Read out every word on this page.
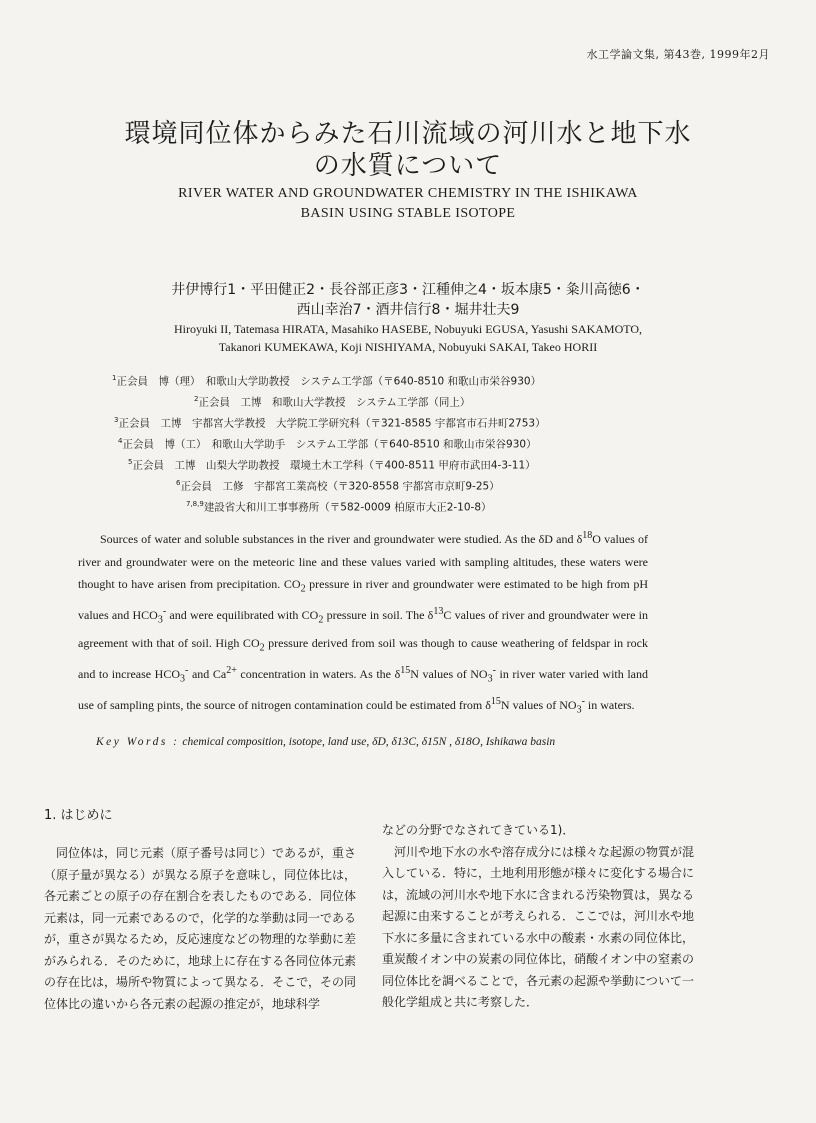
水工学論文集, 第43巻, 1999年2月
環境同位体からみた石川流域の河川水と地下水
の水質について
RIVER WATER AND GROUNDWATER CHEMISTRY IN THE ISHIKAWA
BASIN USING STABLE ISOTOPE
井伊博行1・平田健正2・長谷部正彦3・江種伸之4・坂本康5・粂川高徳6・
西山幸治7・酒井信行8・堀井壮夫9
Hiroyuki II, Tatemasa HIRATA, Masahiko HASEBE, Nobuyuki EGUSA, Yasushi SAKAMOTO,
Takanori KUMEKAWA, Koji NISHIYAMA, Nobuyuki SAKAI, Takeo HORII
$^1$正会員　博（理）　和歌山大学助教授　システム工学部（〒640-8510 和歌山市栄谷930）
$^2$正会員　工博　和歌山大学教授　システム工学部（同上）
$^3$正会員　工博　宇都宮大学教授　大学院工学研究科（〒321-8585 宇都宮市石井町2753）
$^4$正会員　博（工）　和歌山大学助手　システム工学部（〒640-8510 和歌山市栄谷930）
$^5$正会員　工博　山梨大学助教授　環境土木工学科（〒400-8511 甲府市武田4-3-11）
$^6$正会員　工修　宇都宮工業高校（〒320-8558 宇都宮市京町9-25）
$^{7,8,9}$建設省大和川工事事務所（〒582-0009 柏原市大正2-10-8）
Sources of water and soluble substances in the river and groundwater were studied. As the δD and $\delta^{18}O$ values of river and groundwater were on the meteoric line and these values varied with sampling altitudes, these waters were thought to have arisen from precipitation. $CO_2$ pressure in river and groundwater were estimated to be high from pH values and $HCO_3^-$ and were equilibrated with $CO_2$ pressure in soil. The $\delta^{13}C$ values of river and groundwater were in agreement with that of soil. High $CO_2$ pressure derived from soil was though to cause weathering of feldspar in rock and to increase $HCO_3^-$ and $Ca^{2+}$ concentration in waters. As the $\delta^{15}N$ values of $NO_3^-$ in river water varied with land use of sampling pints, the source of nitrogen contamination could be estimated from $\delta^{15}N$ values of $NO_3^-$ in waters.
Key Words : chemical composition, isotope, land use, δD, δ13C, δ15N , δ18O, Ishikawa basin
1. はじめに
同位体は，同じ元素（原子番号は同じ）であるが，重さ（原子量が異なる）が異なる原子を意味し，同位体比は，各元素ごとの原子の存在割合を表したものである．同位体元素は，同一元素であるので，化学的な挙動は同一であるが，重さが異なるため，反応速度などの物理的な挙動に差がみられる．そのために，地球上に存在する各同位体元素の存在比は，場所や物質によって異なる．そこで，その同位体比の違いから各元素の起源の推定が，地球科学
などの分野でなされてきている1)．
河川や地下水の水や溶存成分には様々な起源の物質が混入している．特に，土地利用形態が様々に変化する場合には，流域の河川水や地下水に含まれる汚染物質は，異なる起源に由来することが考えられる．ここでは，河川水や地下水に多量に含まれている水中の酸素・水素の同位体比，重炭酸イオン中の炭素の同位体比，硝酸イオン中の窒素の同位体比を調べることで，各元素の起源や挙動について一般化学組成と共に考察した．
